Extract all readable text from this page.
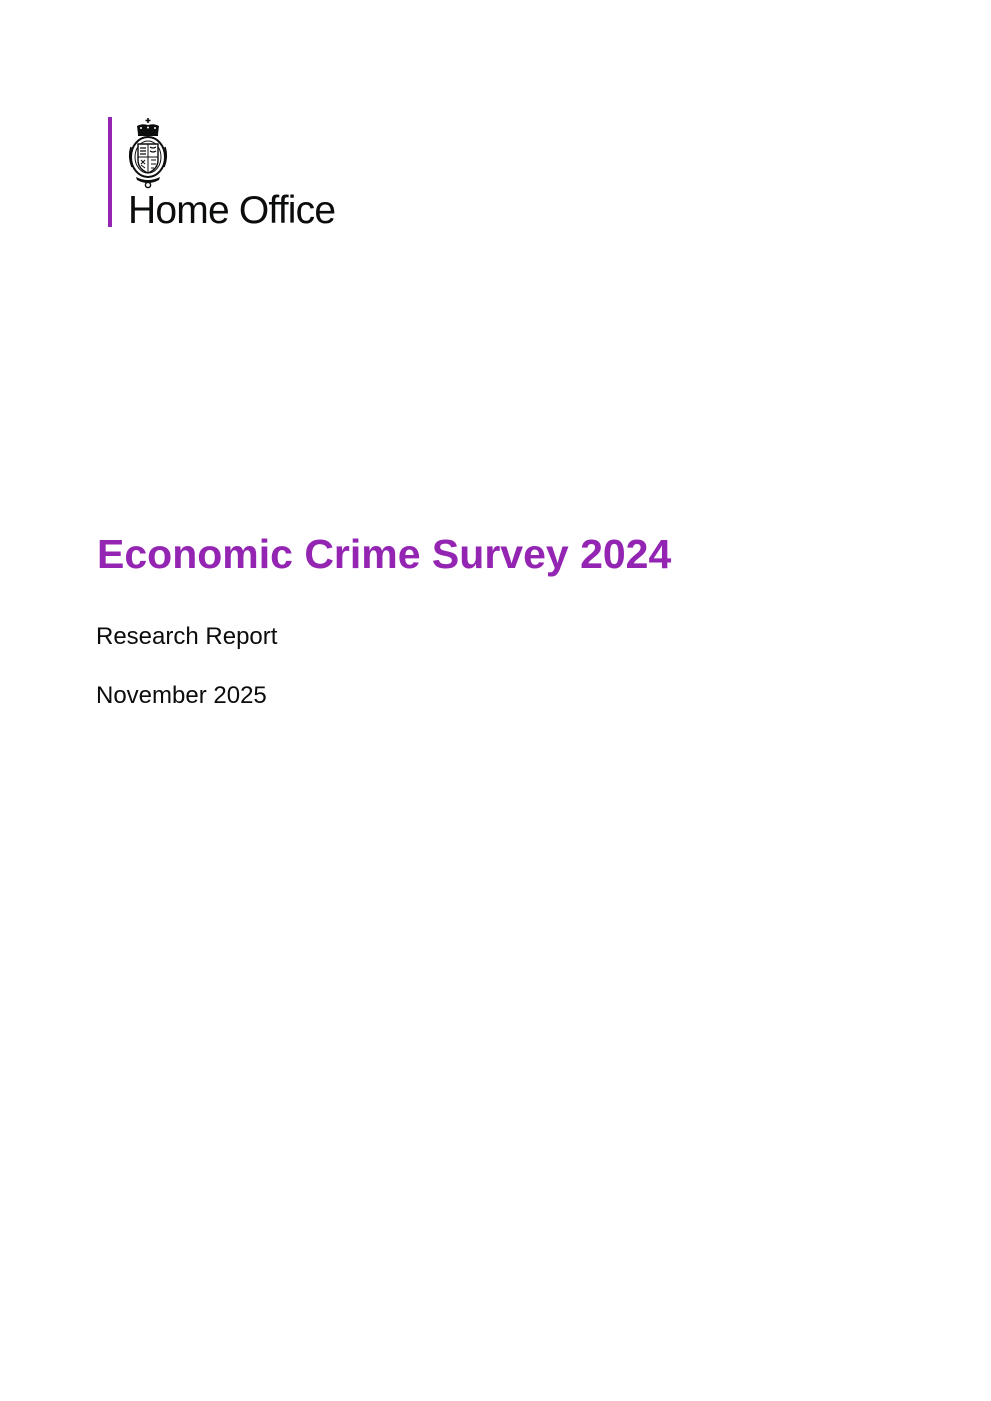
Home Office
Economic Crime Survey 2024

Research Report

November 2025
